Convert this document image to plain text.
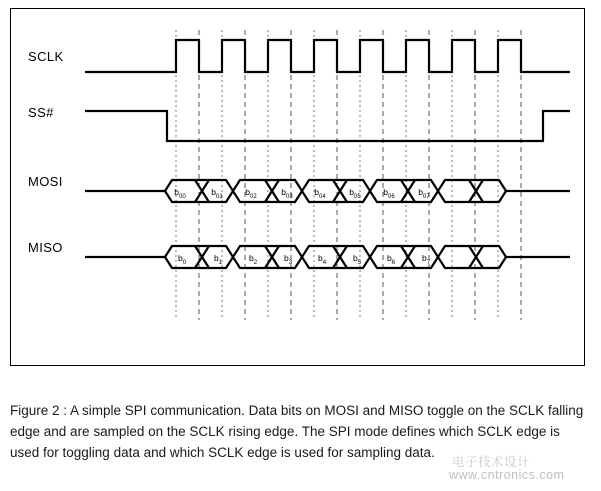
$b_{00}$	$b_{01}$	$b_{02}$	$b_{03}$	$b_{04}$	$b_{05}$	$b_{06}$	$b_{07}$
$b_0$	$b_1$	$b_2$	$b_3$	$b_4$	$b_5$	$b_6$	$b_7$
SCLK
SS#
MOSI
MISO
Figure 2 : A simple SPI communication. Data bits on MOSI and MISO toggle on the SCLK falling edge and are sampled on the SCLK rising edge. The SPI mode defines which SCLK edge is used for toggling data and which SCLK edge is used for sampling data.
电子技术设计
www.cntronics.com
